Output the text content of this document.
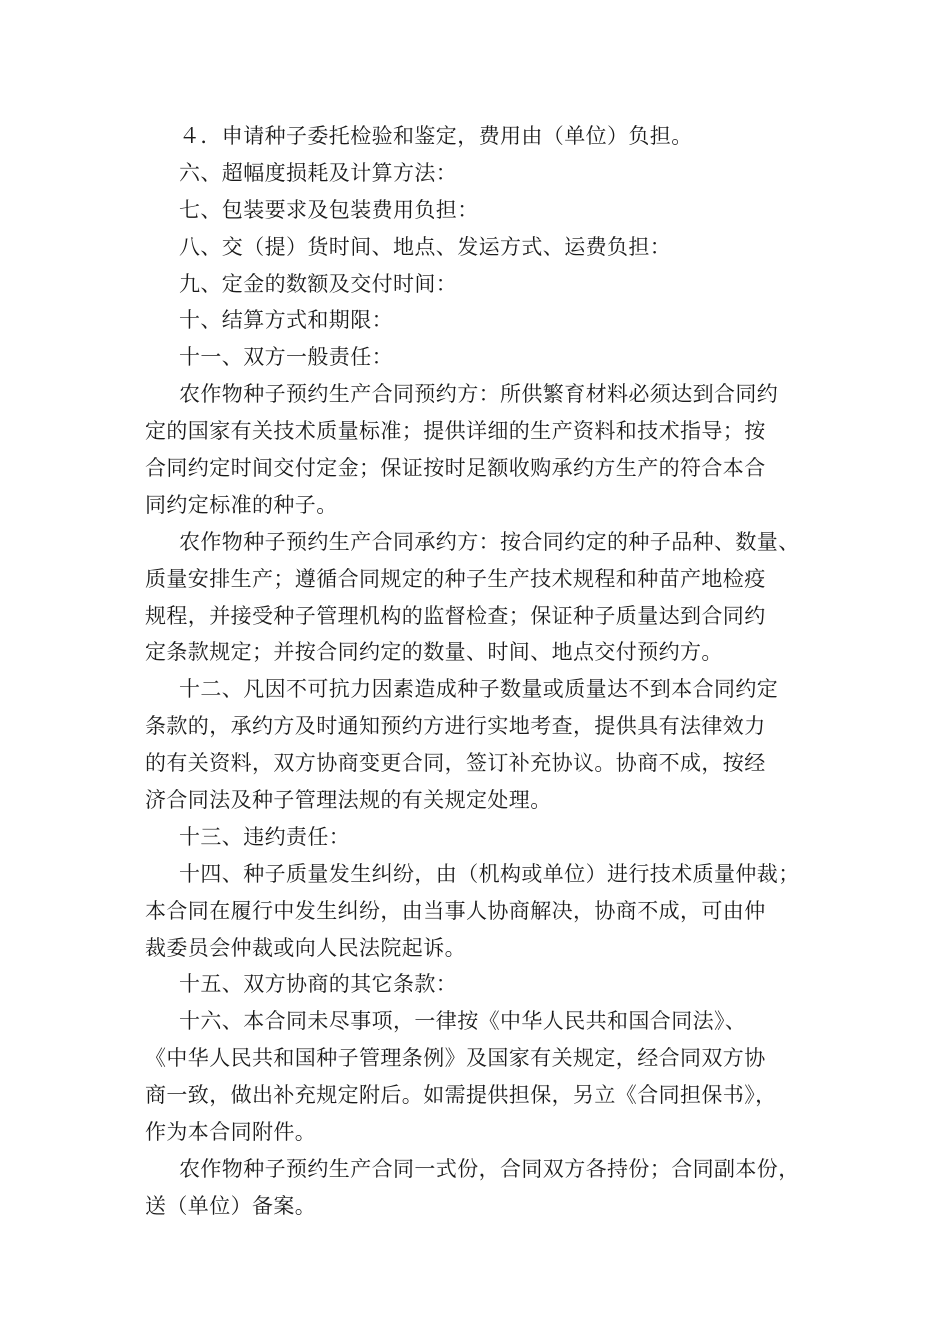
４．申请种子委托检验和鉴定，费用由（单位）负担。
六、超幅度损耗及计算方法：
七、包装要求及包装费用负担：
八、交（提）货时间、地点、发运方式、运费负担：
九、定金的数额及交付时间：
十、结算方式和期限：
十一、双方一般责任：
农作物种子预约生产合同预约方：所供繁育材料必须达到合同约
定的国家有关技术质量标准；提供详细的生产资料和技术指导；按
合同约定时间交付定金；保证按时足额收购承约方生产的符合本合
同约定标准的种子。
农作物种子预约生产合同承约方：按合同约定的种子品种、数量、
质量安排生产；遵循合同规定的种子生产技术规程和种苗产地检疫
规程，并接受种子管理机构的监督检查；保证种子质量达到合同约
定条款规定；并按合同约定的数量、时间、地点交付预约方。
十二、凡因不可抗力因素造成种子数量或质量达不到本合同约定
条款的，承约方及时通知预约方进行实地考查，提供具有法律效力
的有关资料，双方协商变更合同，签订补充协议。协商不成，按经
济合同法及种子管理法规的有关规定处理。
十三、违约责任：
十四、种子质量发生纠纷，由（机构或单位）进行技术质量仲裁；
本合同在履行中发生纠纷，由当事人协商解决，协商不成，可由仲
裁委员会仲裁或向人民法院起诉。
十五、双方协商的其它条款：
十六、本合同未尽事项，一律按《中华人民共和国合同法》、
《中华人民共和国种子管理条例》及国家有关规定，经合同双方协
商一致，做出补充规定附后。如需提供担保，另立《合同担保书》，
作为本合同附件。
农作物种子预约生产合同一式份，合同双方各持份；合同副本份，
送（单位）备案。
